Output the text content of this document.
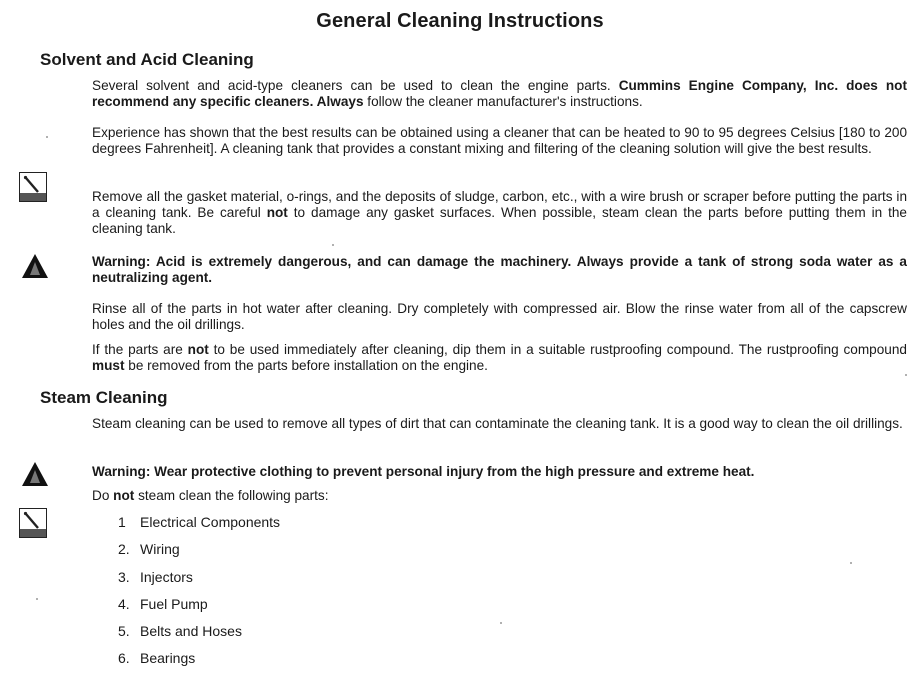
General Cleaning Instructions
Solvent and Acid Cleaning

Several solvent and acid-type cleaners can be used to clean the engine parts. Cummins Engine Company, Inc. does not recommend any specific cleaners. Always follow the cleaner manufacturer's instructions.

Experience has shown that the best results can be obtained using a cleaner that can be heated to 90 to 95 degrees Celsius [180 to 200 degrees Fahrenheit]. A cleaning tank that provides a constant mixing and filtering of the cleaning solution will give the best results.

Remove all the gasket material, o-rings, and the deposits of sludge, carbon, etc., with a wire brush or scraper before putting the parts in a cleaning tank. Be careful not to damage any gasket surfaces. When possible, steam clean the parts before putting them in the cleaning tank.

Warning: Acid is extremely dangerous, and can damage the machinery. Always provide a tank of strong soda water as a neutralizing agent.

Rinse all of the parts in hot water after cleaning. Dry completely with compressed air. Blow the rinse water from all of the capscrew holes and the oil drillings.

If the parts are not to be used immediately after cleaning, dip them in a suitable rustproofing compound. The rustproofing compound must be removed from the parts before installation on the engine.

Steam Cleaning

Steam cleaning can be used to remove all types of dirt that can contaminate the cleaning tank. It is a good way to clean the oil drillings.

Warning: Wear protective clothing to prevent personal injury from the high pressure and extreme heat.

Do not steam clean the following parts:

1 Electrical Components
2. Wiring
3. Injectors
4. Fuel Pump
5. Belts and Hoses
6. Bearings
